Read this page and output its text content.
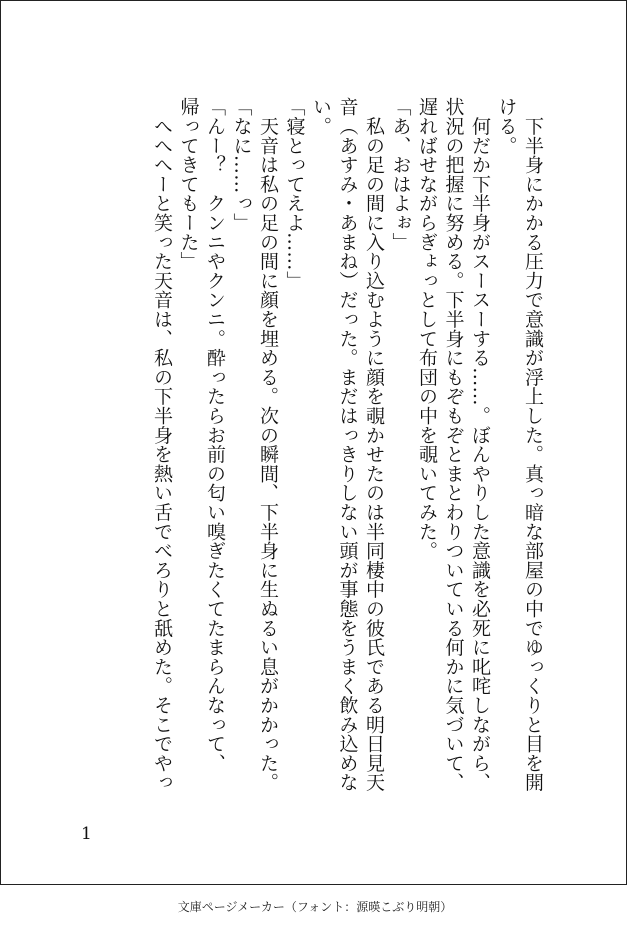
　下半身にかかる圧力で意識が浮上した。真っ暗な部屋の中でゆっくりと目を開

ける。

　何だか下半身がスースーする……。ぼんやりした意識を必死に叱咤しながら、

状況の把握に努める。下半身にもぞもぞとまとわりついている何かに気づいて、

遅ればせながらぎょっとして布団の中を覗いてみた。

「あ、おはよぉ」

　私の足の間に入り込むように顔を覗かせたのは半同棲中の彼氏である明日見天

音（あすみ・あまね）だった。まだはっきりしない頭が事態をうまく飲み込めな

い。

「寝とってえよ……」

　天音は私の足の間に顔を埋める。次の瞬間、下半身に生ぬるい息がかかった。

「なに……っ」

「んー？　クンニやクンニ。酔ったらお前の匂い嗅ぎたくてたまらんなって、

帰ってきてもーた」

　へへへーと笑った天音は、私の下半身を熱い舌でべろりと舐めた。そこでやっ

1
文庫ページメーカー（フォント：源暎こぶり明朝）
